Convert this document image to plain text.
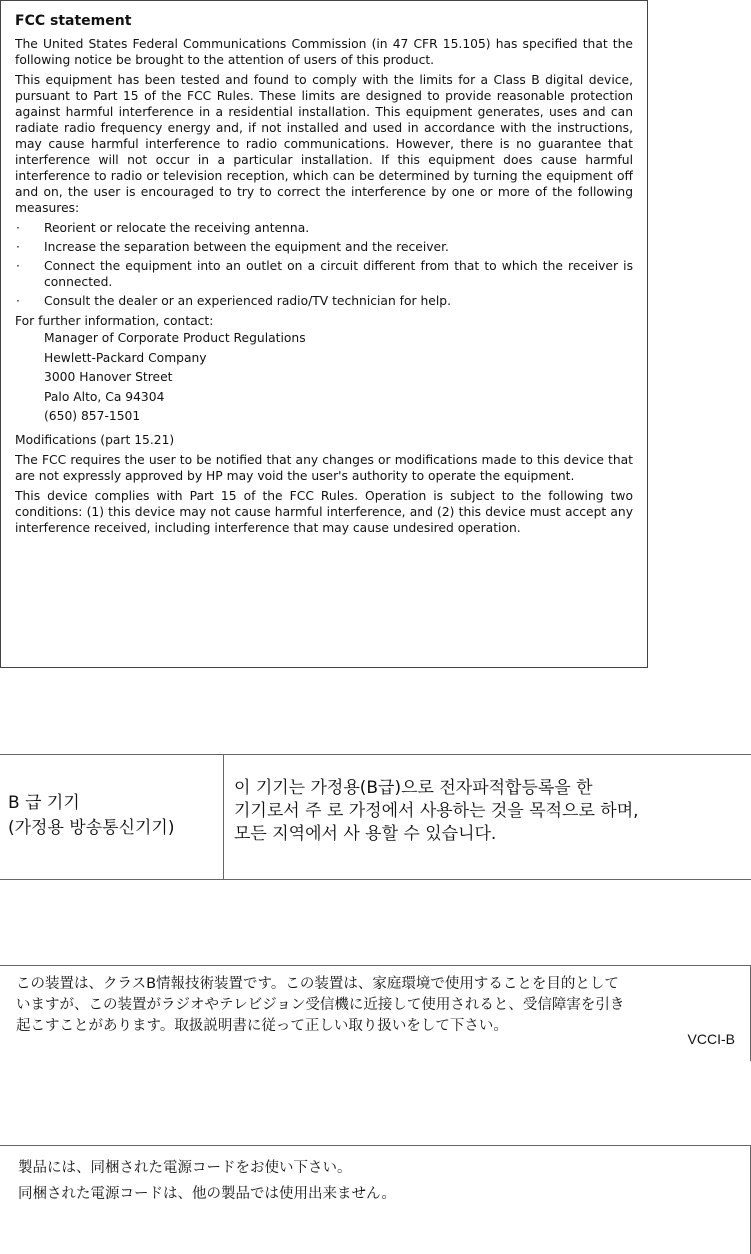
FCC statement

The United States Federal Communications Commission (in 47 CFR 15.105) has specified that the following notice be brought to the attention of users of this product.

This equipment has been tested and found to comply with the limits for a Class B digital device, pursuant to Part 15 of the FCC Rules. These limits are designed to provide reasonable protection against harmful interference in a residential installation. This equipment generates, uses and can radiate radio frequency energy and, if not installed and used in accordance with the instructions, may cause harmful interference to radio communications. However, there is no guarantee that interference will not occur in a particular installation. If this equipment does cause harmful interference to radio or television reception, which can be determined by turning the equipment off and on, the user is encouraged to try to correct the interference by one or more of the following measures:

· Reorient or relocate the receiving antenna.
· Increase the separation between the equipment and the receiver.
· Connect the equipment into an outlet on a circuit different from that to which the receiver is connected.
· Consult the dealer or an experienced radio/TV technician for help.

For further information, contact:

Manager of Corporate Product Regulations
Hewlett-Packard Company
3000 Hanover Street
Palo Alto, Ca 94304
(650) 857-1501

Modifications (part 15.21)

The FCC requires the user to be notified that any changes or modifications made to this device that are not expressly approved by HP may void the user's authority to operate the equipment.

This device complies with Part 15 of the FCC Rules. Operation is subject to the following two conditions: (1) this device may not cause harmful interference, and (2) this device must accept any interference received, including interference that may cause undesired operation.

B 급 기기
(가정용 방송통신기기)
이 기기는 가정용(B급)으로 전자파적합등록을 한
기기로서 주 로 가정에서 사용하는 것을 목적으로 하며,
모든 지역에서 사 용할 수 있습니다.
この装置は、クラスB情報技術装置です。この装置は、家庭環境で使用することを目的として
いますが、この装置がラジオやテレビジョン受信機に近接して使用されると、受信障害を引き
起こすことがあります。取扱説明書に従って正しい取り扱いをして下さい。
VCCI-B
製品には、同梱された電源コードをお使い下さい。
同梱された電源コードは、他の製品では使用出来ません。
